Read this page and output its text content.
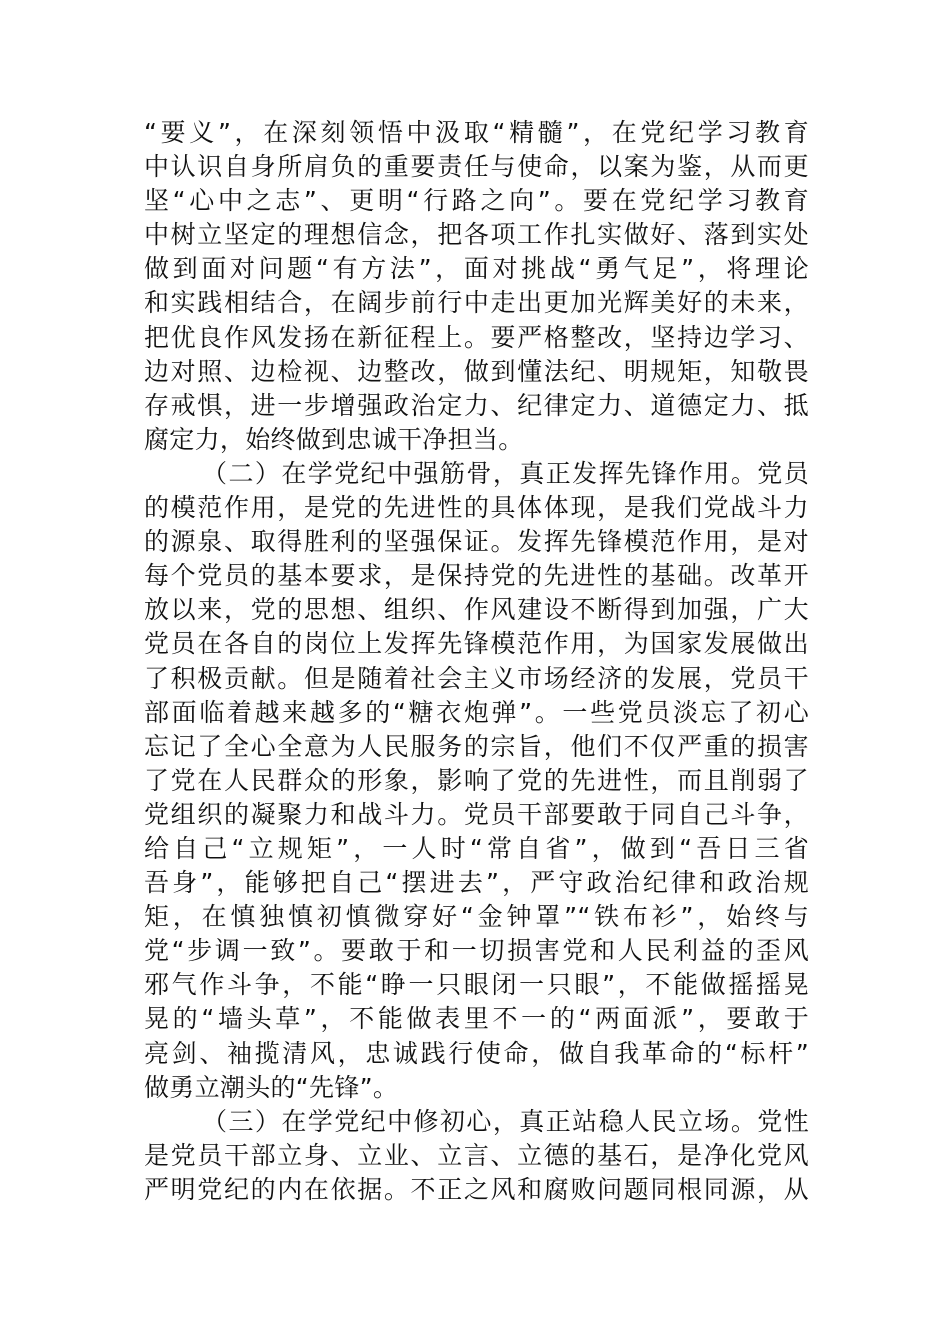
“要义”，在深刻领悟中汲取“精髓”，在党纪学习教育
中认识自身所肩负的重要责任与使命，以案为鉴，从而更
坚“心中之志”、更明“行路之向”。要在党纪学习教育
中树立坚定的理想信念，把各项工作扎实做好、落到实处
做到面对问题“有方法”，面对挑战“勇气足”，将理论
和实践相结合，在阔步前行中走出更加光辉美好的未来，
把优良作风发扬在新征程上。要严格整改，坚持边学习、
边对照、边检视、边整改，做到懂法纪、明规矩，知敬畏
存戒惧，进一步增强政治定力、纪律定力、道德定力、抵
腐定力，始终做到忠诚干净担当。
（二）在学党纪中强筋骨，真正发挥先锋作用。党员
的模范作用，是党的先进性的具体体现，是我们党战斗力
的源泉、取得胜利的坚强保证。发挥先锋模范作用，是对
每个党员的基本要求，是保持党的先进性的基础。改革开
放以来，党的思想、组织、作风建设不断得到加强，广大
党员在各自的岗位上发挥先锋模范作用，为国家发展做出
了积极贡献。但是随着社会主义市场经济的发展，党员干
部面临着越来越多的“糖衣炮弹”。一些党员淡忘了初心
忘记了全心全意为人民服务的宗旨，他们不仅严重的损害
了党在人民群众的形象，影响了党的先进性，而且削弱了
党组织的凝聚力和战斗力。党员干部要敢于同自己斗争，
给自己“立规矩”，一人时“常自省”，做到“吾日三省
吾身”，能够把自己“摆进去”，严守政治纪律和政治规
矩，在慎独慎初慎微穿好“金钟罩”“铁布衫”，始终与
党“步调一致”。要敢于和一切损害党和人民利益的歪风
邪气作斗争，不能“睁一只眼闭一只眼”，不能做摇摇晃
晃的“墙头草”，不能做表里不一的“两面派”，要敢于
亮剑、袖揽清风，忠诚践行使命，做自我革命的“标杆”
做勇立潮头的“先锋”。
（三）在学党纪中修初心，真正站稳人民立场。党性
是党员干部立身、立业、立言、立德的基石，是净化党风
严明党纪的内在依据。不正之风和腐败问题同根同源，从
